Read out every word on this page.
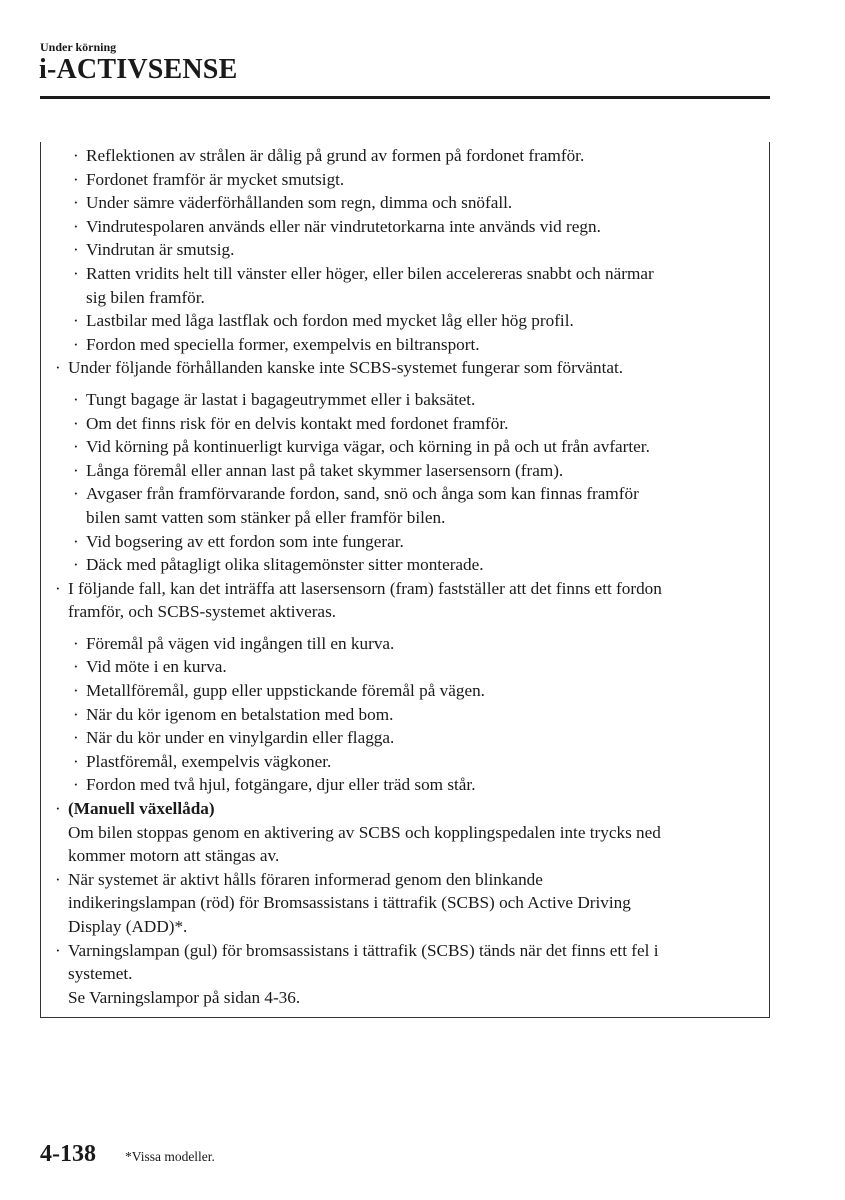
Under körning
i-ACTIVSENSE
· Reflektionen av strålen är dålig på grund av formen på fordonet framför.
· Fordonet framför är mycket smutsigt.
· Under sämre väderförhållanden som regn, dimma och snöfall.
· Vindrutespolaren används eller när vindrutetorkarna inte används vid regn.
· Vindrutan är smutsig.
· Ratten vridits helt till vänster eller höger, eller bilen accelereras snabbt och närmar
sig bilen framför.
· Lastbilar med låga lastflak och fordon med mycket låg eller hög profil.
· Fordon med speciella former, exempelvis en biltransport.
· Under följande förhållanden kanske inte SCBS-systemet fungerar som förväntat.
· Tungt bagage är lastat i bagageutrymmet eller i baksätet.
· Om det finns risk för en delvis kontakt med fordonet framför.
· Vid körning på kontinuerligt kurviga vägar, och körning in på och ut från avfarter.
· Långa föremål eller annan last på taket skymmer lasersensorn (fram).
· Avgaser från framförvarande fordon, sand, snö och ånga som kan finnas framför
bilen samt vatten som stänker på eller framför bilen.
· Vid bogsering av ett fordon som inte fungerar.
· Däck med påtagligt olika slitagemönster sitter monterade.
· I följande fall, kan det inträffa att lasersensorn (fram) fastställer att det finns ett fordon
framför, och SCBS-systemet aktiveras.
· Föremål på vägen vid ingången till en kurva.
· Vid möte i en kurva.
· Metallföremål, gupp eller uppstickande föremål på vägen.
· När du kör igenom en betalstation med bom.
· När du kör under en vinylgardin eller flagga.
· Plastföremål, exempelvis vägkoner.
· Fordon med två hjul, fotgängare, djur eller träd som står.
· (Manuell växellåda)
Om bilen stoppas genom en aktivering av SCBS och kopplingspedalen inte trycks ned
kommer motorn att stängas av.
· När systemet är aktivt hålls föraren informerad genom den blinkande
indikeringslampan (röd) för Bromsassistans i tättrafik (SCBS) och Active Driving
Display (ADD)*.
· Varningslampan (gul) för bromsassistans i tättrafik (SCBS) tänds när det finns ett fel i
systemet.
Se Varningslampor på sidan 4-36.
4-138 *Vissa modeller.
